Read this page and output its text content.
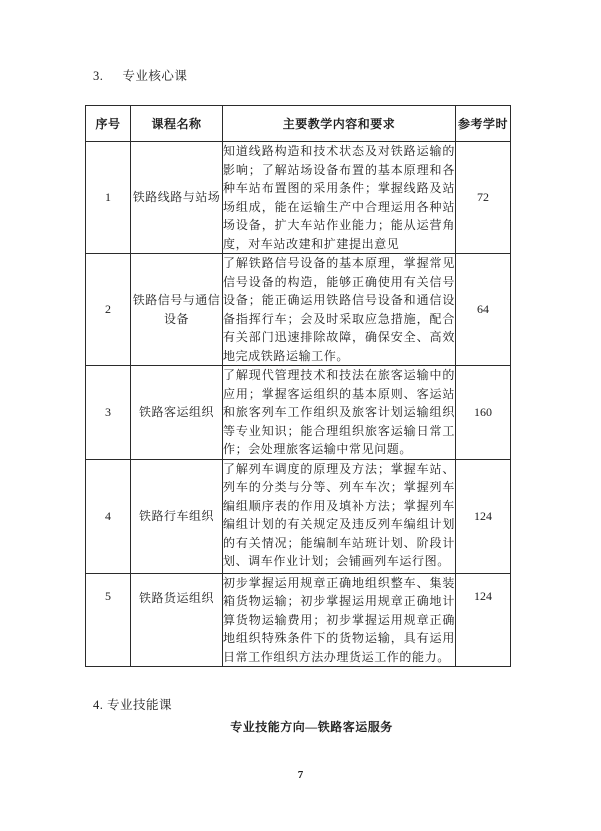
3. 专业核心课
序号	课程名称	主要教学内容和要求	参考学时
1	铁路线路与站场	知道线路构造和技术状态及对铁路运输的影响；了解站场设备布置的基本原理和各种车站布置图的采用条件；掌握线路及站场组成，能在运输生产中合理运用各种站场设备，扩大车站作业能力；能从运营角度，对车站改建和扩建提出意见	72
2	铁路信号与通信设备	了解铁路信号设备的基本原理，掌握常见信号设备的构造，能够正确使用有关信号设备；能正确运用铁路信号设备和通信设备指挥行车；会及时采取应急措施，配合有关部门迅速排除故障，确保安全、高效地完成铁路运输工作。	64
3	铁路客运组织	了解现代管理技术和技法在旅客运输中的应用；掌握客运组织的基本原则、客运站和旅客列车工作组织及旅客计划运输组织等专业知识；能合理组织旅客运输日常工作；会处理旅客运输中常见问题。	160
4	铁路行车组织	了解列车调度的原理及方法；掌握车站、列车的分类与分等、列车车次；掌握列车编组顺序表的作用及填补方法；掌握列车编组计划的有关规定及违反列车编组计划的有关情况；能编制车站班计划、阶段计划、调车作业计划；会铺画列车运行图。	124
5	铁路货运组织	初步掌握运用规章正确地组织整车、集装箱货物运输；初步掌握运用规章正确地计算货物运输费用；初步掌握运用规章正确地组织特殊条件下的货物运输，具有运用日常工作组织方法办理货运工作的能力。	124
4. 专业技能课
专业技能方向—铁路客运服务
7
